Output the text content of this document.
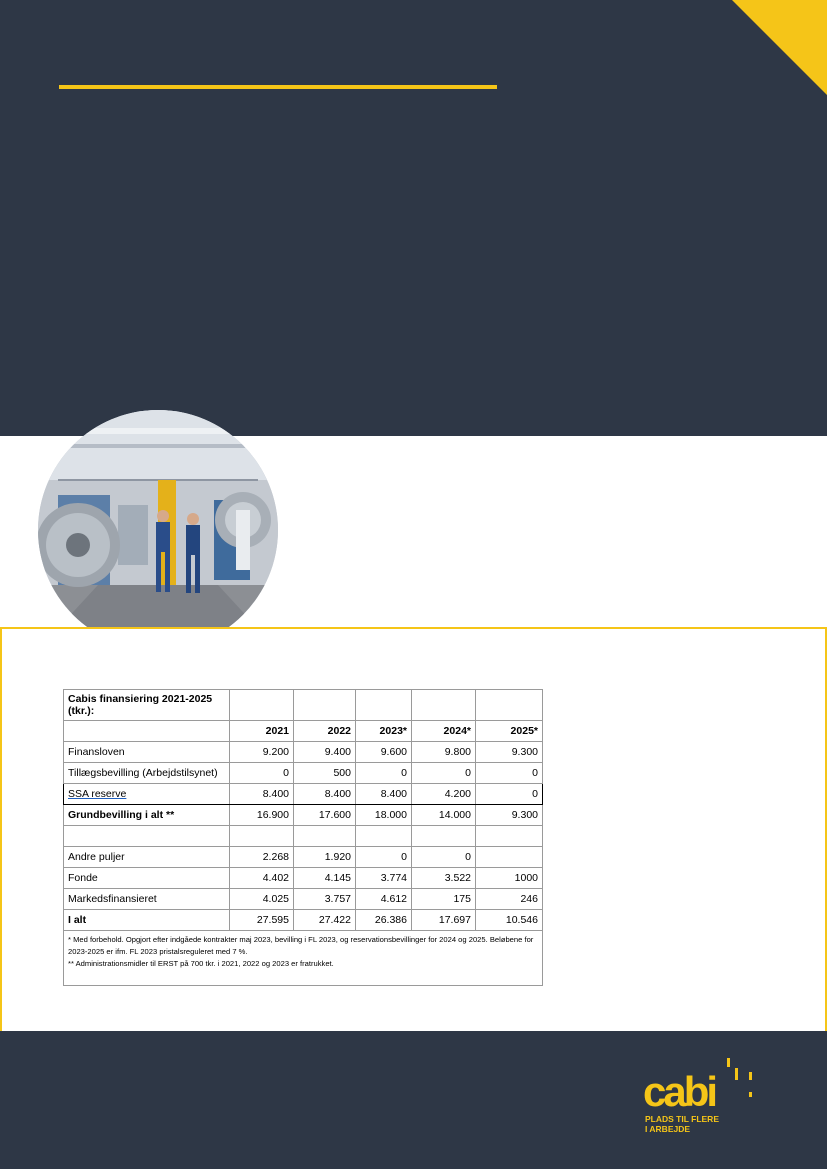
Cabis finansiering 2021-2025 (tkr.):					
	2021	2022	2023*	2024*	2025*
Finansloven	9.200	9.400	9.600	9.800	9.300
Tillægsbevilling (Arbejdstilsynet)	0	500	0	0	0
SSA reserve	8.400	8.400	8.400	4.200	0
Grundbevilling i alt **	16.900	17.600	18.000	14.000	9.300

Andre puljer	2.268	1.920	0	0	
Fonde	4.402	4.145	3.774	3.522	1000
Markedsfinansieret	4.025	3.757	4.612	175	246
I alt	27.595	27.422	26.386	17.697	10.546

* Med forbehold. Opgjort efter indgåede kontrakter maj 2023, bevilling i FL 2023, og reservationsbevillinger for 2024 og 2025. Beløbene for 2023-2025 er ifm. FL 2023 pristalsreguleret med 7 %.
** Administrationsmidler til ERST på 700 tkr. i 2021, 2022 og 2023 er fratrukket.					
cabi
PLADS TIL FLERE
I ARBEJDE
